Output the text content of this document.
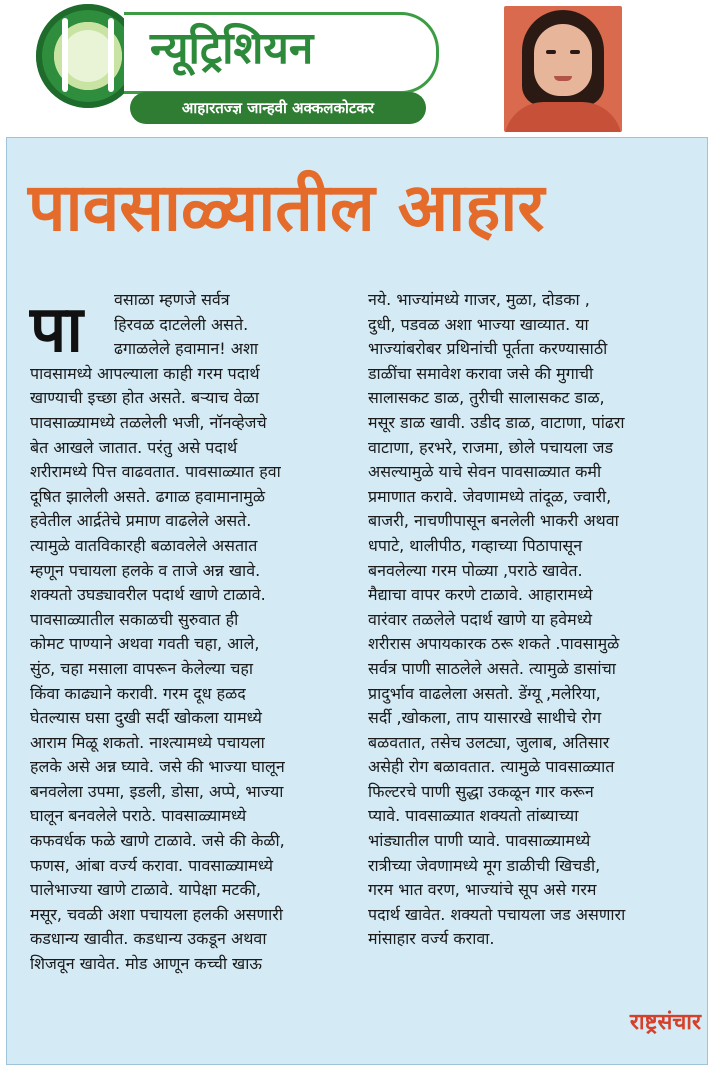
न्यूट्रिशियन
आहारतज्ज्ञ जान्हवी अक्कलकोटकर
पावसाळ्यातील आहार
पा	वसाळा म्हणजे सर्वत्र
हिरवळ दाटलेली असते.
ढगाळलेले हवामान! अशा
पावसामध्ये आपल्याला काही गरम पदार्थ
खाण्याची इच्छा होत असते. बऱ्याच वेळा
पावसाळ्यामध्ये तळलेली भजी, नॉनव्हेजचे
बेत आखले जातात. परंतु असे पदार्थ
शरीरामध्ये पित्त वाढवतात. पावसाळ्यात हवा
दूषित झालेली असते. ढगाळ हवामानामुळे
हवेतील आर्द्रतेचे प्रमाण वाढलेले असते.
त्यामुळे वातविकारही बळावलेले असतात
म्हणून पचायला हलके व ताजे अन्न खावे.
शक्यतो उघड्यावरील पदार्थ खाणे टाळावे.
पावसाळ्यातील सकाळची सुरुवात ही
कोमट पाण्याने अथवा गवती चहा, आले,
सुंठ, चहा मसाला वापरून केलेल्या चहा
किंवा काढ्याने करावी. गरम दूध हळद
घेतल्यास घसा दुखी सर्दी खोकला यामध्ये
आराम मिळू शकतो. नाश्त्यामध्ये पचायला
हलके असे अन्न घ्यावे. जसे की भाज्या घालून
बनवलेला उपमा, इडली, डोसा, अप्पे, भाज्या
घालून बनवलेले पराठे. पावसाळ्यामध्ये
कफवर्धक फळे खाणे टाळावे. जसे की केळी,
फणस, आंबा वर्ज्य करावा. पावसाळ्यामध्ये
पालेभाज्या खाणे टाळावे. यापेक्षा मटकी,
मसूर, चवळी अशा पचायला हलकी असणारी
कडधान्य खावीत. कडधान्य उकडून अथवा
शिजवून खावेत. मोड आणून कच्ची खाऊ
नये. भाज्यांमध्ये गाजर, मुळा, दोडका ,
दुधी, पडवळ अशा भाज्या खाव्यात. या
भाज्यांबरोबर प्रथिनांची पूर्तता करण्यासाठी
डाळींचा समावेश करावा जसे की मुगाची
सालासकट डाळ, तुरीची सालासकट डाळ,
मसूर डाळ खावी. उडीद डाळ, वाटाणा, पांढरा
वाटाणा, हरभरे, राजमा, छोले पचायला जड
असल्यामुळे याचे सेवन पावसाळ्यात कमी
प्रमाणात करावे. जेवणामध्ये तांदूळ, ज्वारी,
बाजरी, नाचणीपासून बनलेली भाकरी अथवा
धपाटे, थालीपीठ, गव्हाच्या पिठापासून
बनवलेल्या गरम पोळ्या ,पराठे खावेत.
मैद्याचा वापर करणे टाळावे. आहारामध्ये
वारंवार तळलेले पदार्थ खाणे या हवेमध्ये
शरीरास अपायकारक ठरू शकते .पावसामुळे
सर्वत्र पाणी साठलेले असते. त्यामुळे डासांचा
प्रादुर्भाव वाढलेला असतो. डेंग्यू ,मलेरिया,
सर्दी ,खोकला, ताप यासारखे साथीचे रोग
बळवतात, तसेच उलट्या, जुलाब, अतिसार
असेही रोग बळावतात. त्यामुळे पावसाळ्यात
फिल्टरचे पाणी सुद्धा उकळून गार करून
प्यावे. पावसाळ्यात शक्यतो तांब्याच्या
भांड्यातील पाणी प्यावे. पावसाळ्यामध्ये
रात्रीच्या जेवणामध्ये मूग डाळीची खिचडी,
गरम भात वरण, भाज्यांचे सूप असे गरम
पदार्थ खावेत. शक्यतो पचायला जड असणारा
मांसाहार वर्ज्य करावा.
राष्ट्रसंचार
